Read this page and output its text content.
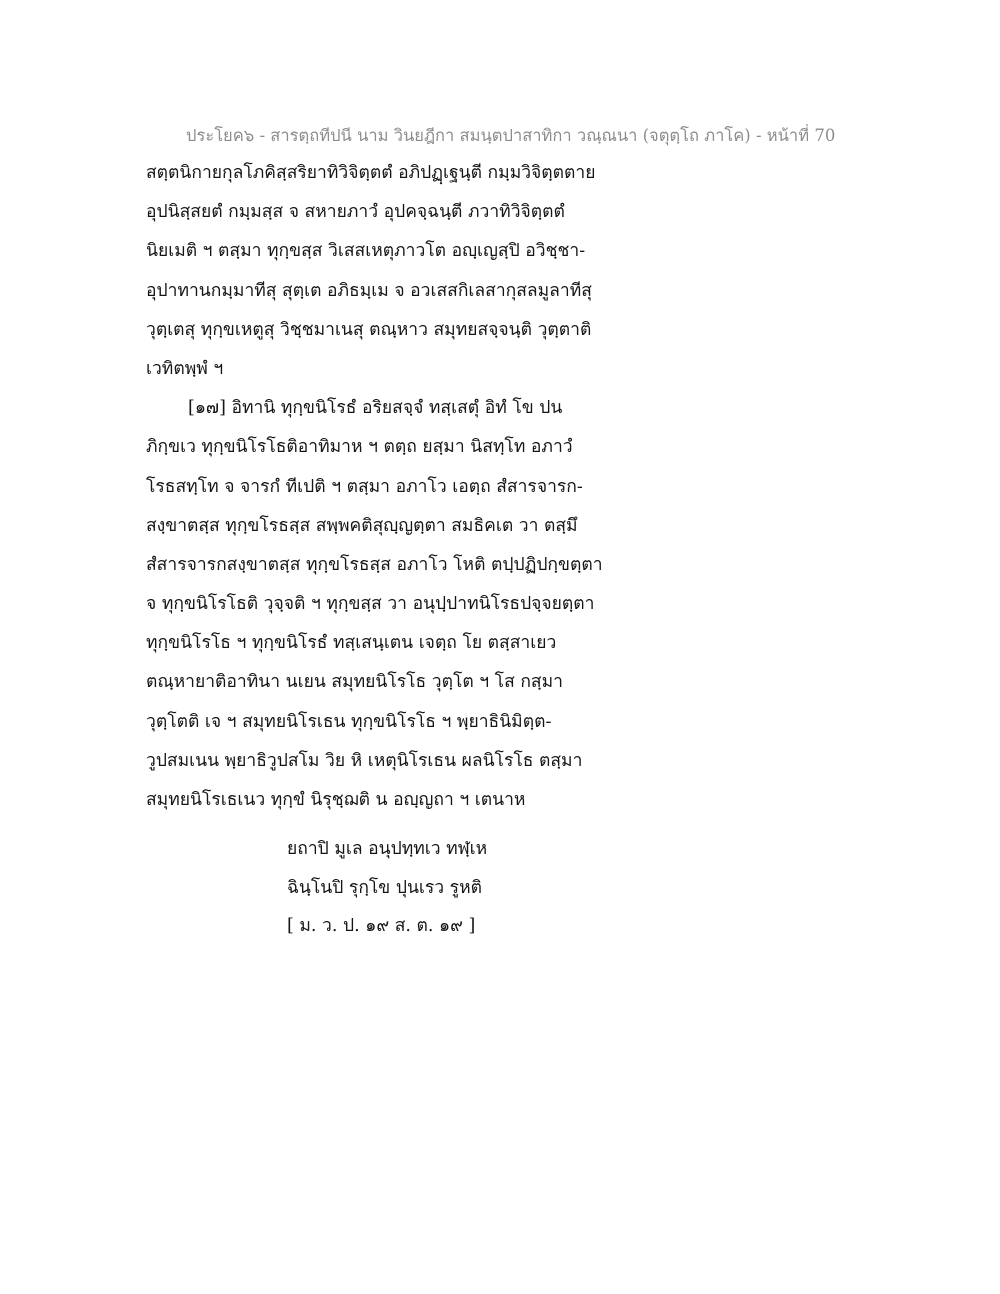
ประโยค๖ - สารตฺถทีปนี นาม วินยฎีกา สมนฺตปาสาทิกา วณฺณนา (จตุตฺโถ ภาโค) - หน้าที่ 70
สตฺตนิกายกุลโภคิสฺสริยาทิวิจิตฺตตํ อภิปฏฺเฐนฺตี กมฺมวิจิตฺตตาย
อุปนิสฺสยตํ กมฺมสฺส จ สหายภาวํ อุปคจฺฉนฺตี ภวาทิวิจิตฺตตํ
นิยเมติ ฯ ตสฺมา ทุกฺขสฺส วิเสสเหตุภาวโต อญฺเญสฺปิ อวิชฺชา-
อุปาทานกมฺมาทีสุ สุตฺเต อภิธมฺเม จ อวเสสกิเลสากุสลมูลาทีสุ
วุตฺเตสุ ทุกฺขเหตูสุ วิชฺชมาเนสุ ตณฺหาว สมุทยสจฺจนฺติ วุตฺตาติ
เวทิตพฺพํ ฯ
[๑๗] อิทานิ ทุกฺขนิโรธํ อริยสจฺจํ ทสฺเสตุํ อิทํ โข ปน
ภิกฺขเว ทุกฺขนิโรโธติอาทิมาห ฯ ตตฺถ ยสฺมา นิสทฺโท อภาวํ
โรธสทฺโท จ จารกํ ทีเปติ ฯ ตสฺมา อภาโว เอตฺถ สํสารจารก-
สงฺขาตสฺส ทุกฺขโรธสฺส สพฺพคติสุญฺญตฺตา สมธิคเต วา ตสฺมึ
สํสารจารกสงฺขาตสฺส ทุกฺขโรธสฺส อภาโว โหติ ตปฺปฏิปกฺขตฺตา
จ ทุกฺขนิโรโธติ วุจฺจติ ฯ ทุกฺขสฺส วา อนุปฺปาทนิโรธปจฺจยตฺตา
ทุกฺขนิโรโธ ฯ ทุกฺขนิโรธํ ทสฺเสนฺเตน เจตฺถ โย ตสฺสาเยว
ตณฺหายาติอาทินา นเยน สมุทยนิโรโธ วุตฺโต ฯ โส กสฺมา
วุตฺโตติ เจ ฯ สมุทยนิโรเธน ทุกฺขนิโรโธ ฯ พฺยาธินิมิตฺต-
วูปสมเนน พฺยาธิวูปสโม วิย หิ เหตุนิโรเธน ผลนิโรโธ ตสฺมา
สมุทยนิโรเธเนว ทุกฺขํ นิรุชฺฌติ น อญฺญถา ฯ เตนาห
ยถาปิ มูเล อนุปทฺทเว ทฬฺเห
ฉินฺโนปิ รุกฺโข ปุนเรว รูหติ
[ ม. ว. ป. ๑๙ ส. ต. ๑๙ ]
